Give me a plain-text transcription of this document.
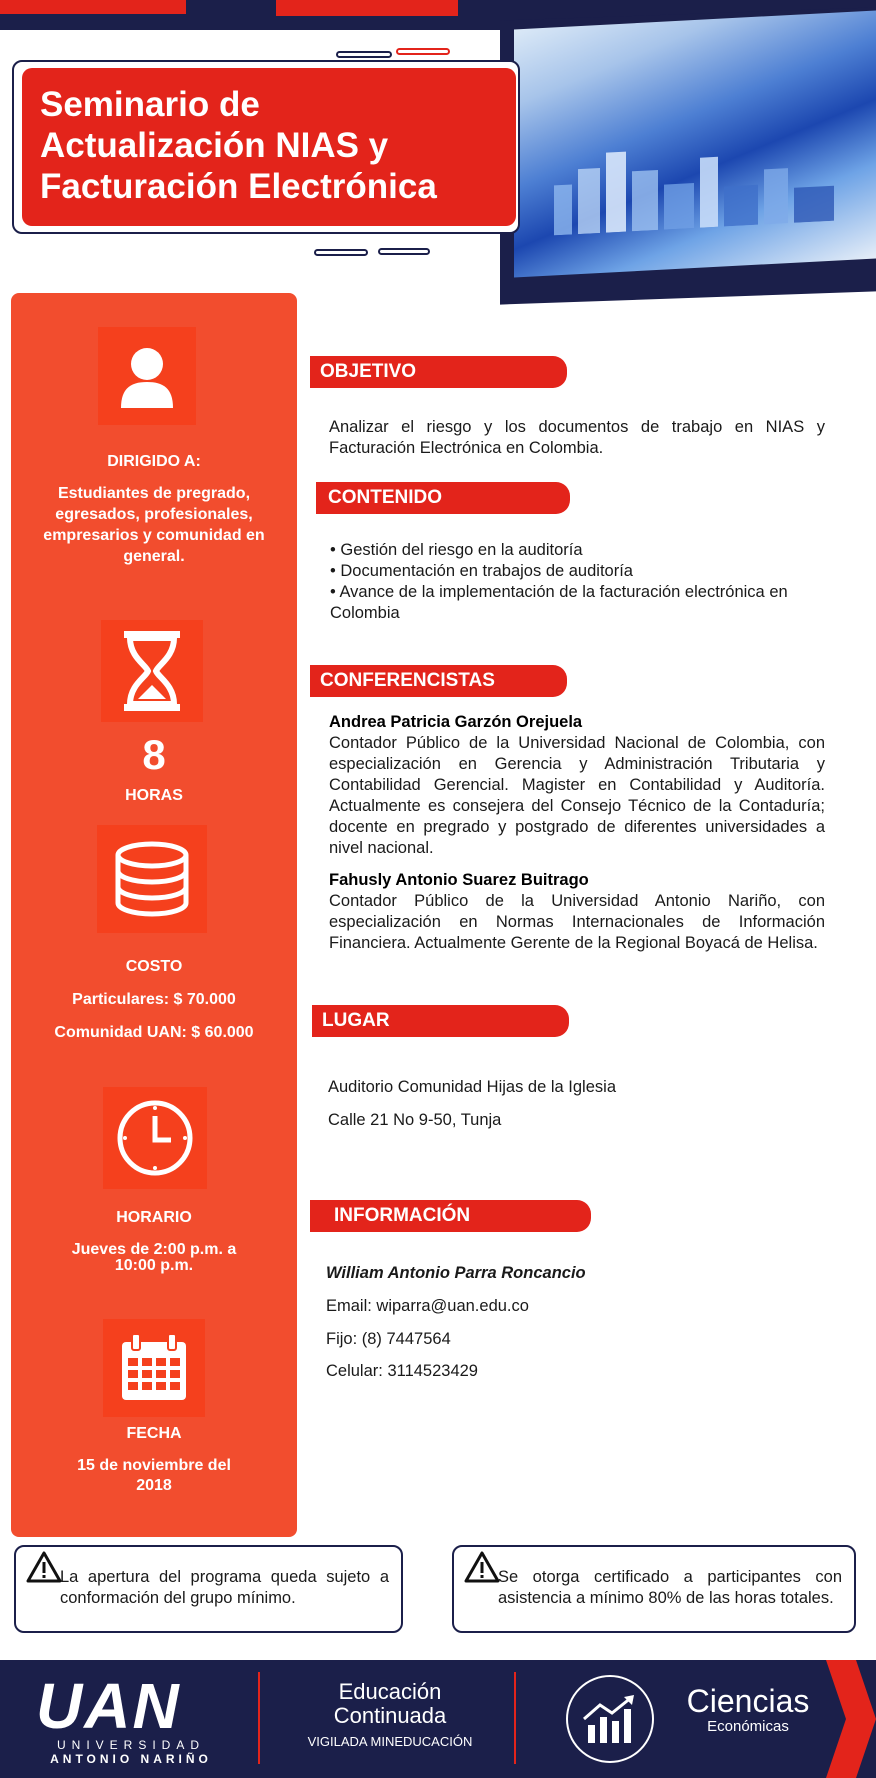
Seminario de
Actualización NIAS y
Facturación Electrónica
DIRIGIDO A:
Estudiantes de pregrado, egresados, profesionales, empresarios y comunidad en general.
8
HORAS
COSTO
Particulares: $ 70.000
Comunidad UAN: $ 60.000
HORARIO
Jueves de 2:00 p.m. a 10:00 p.m.
FECHA
15 de noviembre del 2018
OBJETIVO
Analizar el riesgo y los documentos de trabajo en NIAS y Facturación Electrónica en Colombia.
CONTENIDO
• Gestión del riesgo en la auditoría
• Documentación en trabajos de auditoría
• Avance de la implementación de la facturación electrónica en Colombia
CONFERENCISTAS
Andrea Patricia Garzón Orejuela
Contador Público de la Universidad Nacional de Colombia, con especialización en Gerencia y Administración Tributaria y Contabilidad Gerencial. Magister en Contabilidad y Auditoría. Actualmente es consejera del Consejo Técnico de la Contaduría; docente en pregrado y postgrado de diferentes universidades a nivel nacional.
Fahusly Antonio Suarez Buitrago
Contador Público de la Universidad Antonio Nariño, con especialización en Normas Internacionales de Información Financiera. Actualmente Gerente de la Regional Boyacá de Helisa.
LUGAR
Auditorio Comunidad Hijas de la Iglesia
Calle 21 No 9-50, Tunja
INFORMACIÓN
William Antonio Parra Roncancio
Email: wiparra@uan.edu.co
Fijo: (8) 7447564
Celular: 3114523429
La apertura del programa queda sujeto a conformación del grupo mínimo.
Se otorga certificado a participantes con asistencia a mínimo 80% de las horas totales.
UAN
UNIVERSIDAD
ANTONIO NARIÑO
Educación
Continuada
VIGILADA MINEDUCACIÓN
Ciencias
Económicas
